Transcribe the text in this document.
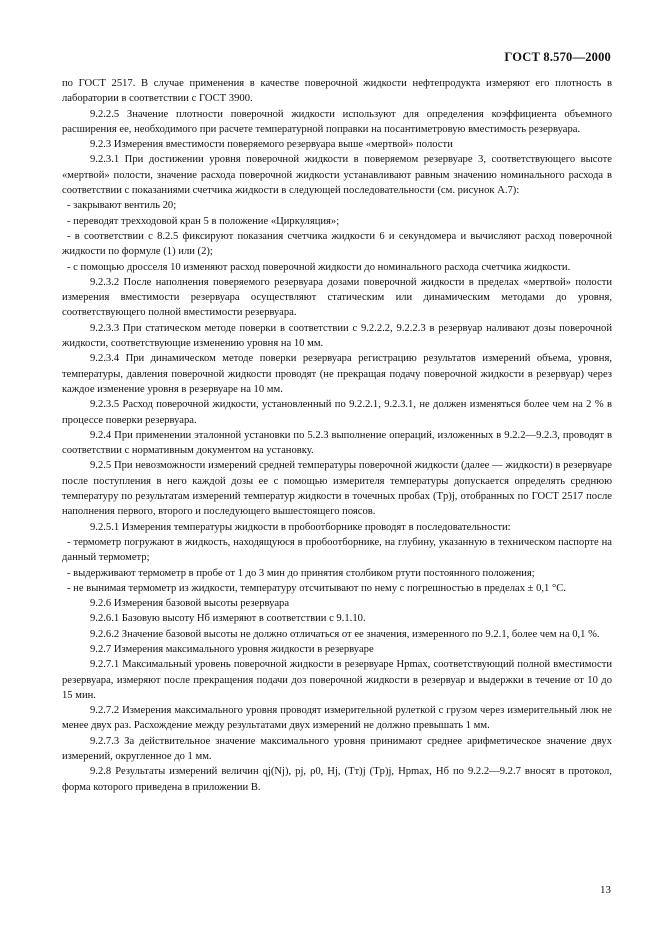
ГОСТ 8.570—2000

по ГОСТ 2517. В случае применения в качестве поверочной жидкости нефтепродукта измеряют его плотность в лаборатории в соответствии с ГОСТ 3900.

9.2.2.5 Значение плотности поверочной жидкости используют для определения коэффициента объемного расширения ее, необходимого при расчете температурной поправки на посантиметровую вместимость резервуара.

9.2.3 Измерения вместимости поверяемого резервуара выше «мертвой» полости

9.2.3.1 При достижении уровня поверочной жидкости в поверяемом резервуаре 3, соответствующего высоте «мертвой» полости, значение расхода поверочной жидкости устанавливают равным значению номинального расхода в соответствии с показаниями счетчика жидкости в следующей последовательности (см. рисунок А.7):

- закрывают вентиль 20;

- переводят трехходовой кран 5 в положение «Циркуляция»;

- в соответствии с 8.2.5 фиксируют показания счетчика жидкости 6 и секундомера и вычисляют расход поверочной жидкости по формуле (1) или (2);

- с помощью дросселя 10 изменяют расход поверочной жидкости до номинального расхода счетчика жидкости.

9.2.3.2 После наполнения поверяемого резервуара дозами поверочной жидкости в пределах «мертвой» полости измерения вместимости резервуара осуществляют статическим или динамическим методами до уровня, соответствующего полной вместимости резервуара.

9.2.3.3 При статическом методе поверки в соответствии с 9.2.2.2, 9.2.2.3 в резервуар наливают дозы поверочной жидкости, соответствующие изменению уровня на 10 мм.

9.2.3.4 При динамическом методе поверки резервуара регистрацию результатов измерений объема, уровня, температуры, давления поверочной жидкости проводят (не прекращая подачу поверочной жидкости в резервуар) через каждое изменение уровня в резервуаре на 10 мм.

9.2.3.5 Расход поверочной жидкости, установленный по 9.2.2.1, 9.2.3.1, не должен изменяться более чем на 2 % в процессе поверки резервуара.

9.2.4 При применении эталонной установки по 5.2.3 выполнение операций, изложенных в 9.2.2—9.2.3, проводят в соответствии с нормативным документом на установку.

9.2.5 При невозможности измерений средней температуры поверочной жидкости (далее — жидкости) в резервуаре после поступления в него каждой дозы ее с помощью измерителя температуры допускается определять среднюю температуру по результатам измерений температур жидкости в точечных пробах (Tр)j, отобранных по ГОСТ 2517 после наполнения первого, второго и последующего вышестоящего поясов.

9.2.5.1 Измерения температуры жидкости в пробоотборнике проводят в последовательности:

- термометр погружают в жидкость, находящуюся в пробоотборнике, на глубину, указанную в техническом паспорте на данный термометр;

- выдерживают термометр в пробе от 1 до 3 мин до принятия столбиком ртути постоянного положения;

- не вынимая термометр из жидкости, температуру отсчитывают по нему с погрешностью в пределах ± 0,1 °С.

9.2.6 Измерения базовой высоты резервуара

9.2.6.1 Базовую высоту Hб измеряют в соответствии с 9.1.10.

9.2.6.2 Значение базовой высоты не должно отличаться от ее значения, измеренного по 9.2.1, более чем на 0,1 %.

9.2.7 Измерения максимального уровня жидкости в резервуаре

9.2.7.1 Максимальный уровень поверочной жидкости в резервуаре Hрmax, соответствующий полной вместимости резервуара, измеряют после прекращения подачи доз поверочной жидкости в резервуар и выдержки в течение от 10 до 15 мин.

9.2.7.2 Измерения максимального уровня проводят измерительной рулеткой с грузом через измерительный люк не менее двух раз. Расхождение между результатами двух измерений не должно превышать 1 мм.

9.2.7.3 За действительное значение максимального уровня принимают среднее арифметическое значение двух измерений, округленное до 1 мм.

9.2.8 Результаты измерений величин qj(Nj), pj, ρ0, Hj, (Tт)j (Tр)j, Hрmax, Hб по 9.2.2—9.2.7 вносят в протокол, форма которого приведена в приложении В.

13
